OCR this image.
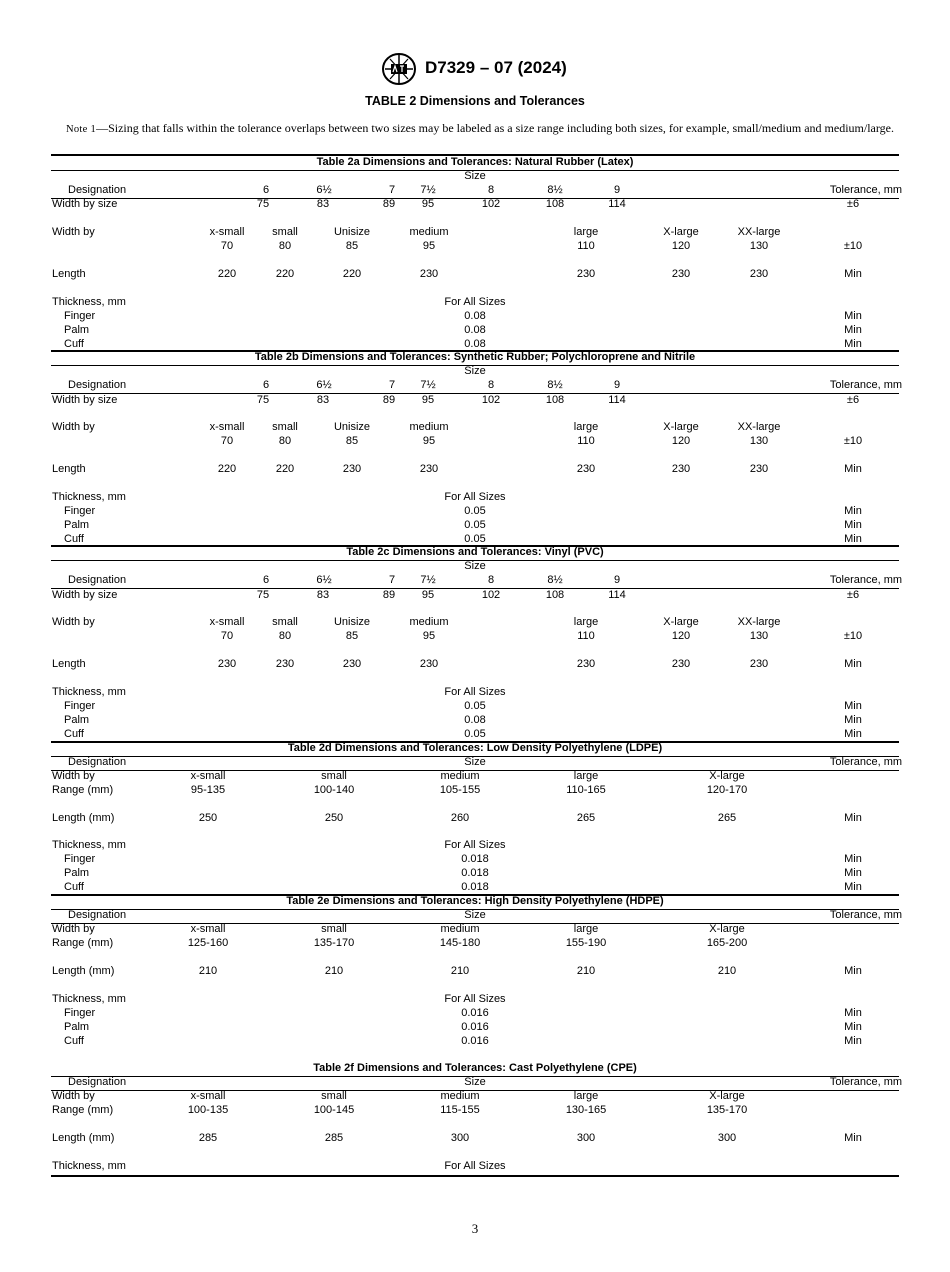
D7329 – 07 (2024)
TABLE 2 Dimensions and Tolerances
Note 1—Sizing that falls within the tolerance overlaps between two sizes may be labeled as a size range including both sizes, for example, small/medium and medium/large.
Table 2a Dimensions and Tolerances: Natural Rubber (Latex)
Size
Designation	6	6½	7 7½	8	8½	9	Tolerance, mm
Width by size	75	83	89 95	102	108	114	±6
Width by	x-small	small	Unisize	medium	large	X-large	XX-large
70	80	85	95	110	120	130	±10
Length	220	220	220	230	230	230	230	Min
Thickness, mm	For All Sizes
Finger	0.08	Min
Palm	0.08	Min
Cuff	0.08	Min
Table 2b Dimensions and Tolerances: Synthetic Rubber; Polychloroprene and Nitrile
Size
Designation	6	6½	7 7½	8	8½	9	Tolerance, mm
Width by size	75	83	89 95	102	108	114	±6
Width by	x-small	small	Unisize	medium	large	X-large	XX-large
70	80	85	95	110	120	130	±10
Length	220	220	230	230	230	230	230	Min
Thickness, mm	For All Sizes
Finger	0.05	Min
Palm	0.05	Min
Cuff	0.05	Min
Table 2c Dimensions and Tolerances: Vinyl (PVC)
Size
Designation	6	6½	7 7½	8	8½	9	Tolerance, mm
Width by size	75	83	89 95	102	108	114	±6
Width by	x-small	small	Unisize	medium	large	X-large	XX-large
70	80	85	95	110	120	130	±10
Length	230	230	230	230	230	230	230	Min
Thickness, mm	For All Sizes
Finger	0.05	Min
Palm	0.08	Min
Cuff	0.05	Min
Table 2d Dimensions and Tolerances: Low Density Polyethylene (LDPE)
Designation	Size	Tolerance, mm
Width by	x-small	small	medium	large	X-large
Range (mm)	95-135	100-140	105-155	110-165	120-170
Length (mm)	250	250	260	265	265	Min
Thickness, mm	For All Sizes
Finger	0.018	Min
Palm	0.018	Min
Cuff	0.018	Min
Table 2e Dimensions and Tolerances: High Density Polyethylene (HDPE)
Designation	Size	Tolerance, mm
Width by	x-small	small	medium	large	X-large
Range (mm)	125-160	135-170	145-180	155-190	165-200
Length (mm)	210	210	210	210	210	Min
Thickness, mm	For All Sizes
Finger	0.016	Min
Palm	0.016	Min
Cuff	0.016	Min
Table 2f Dimensions and Tolerances: Cast Polyethylene (CPE)
Designation	Size	Tolerance, mm
Width by	x-small	small	medium	large	X-large
Range (mm)	100-135	100-145	115-155	130-165	135-170
Length (mm)	285	285	300	300	300	Min
Thickness, mm	For All Sizes
3
